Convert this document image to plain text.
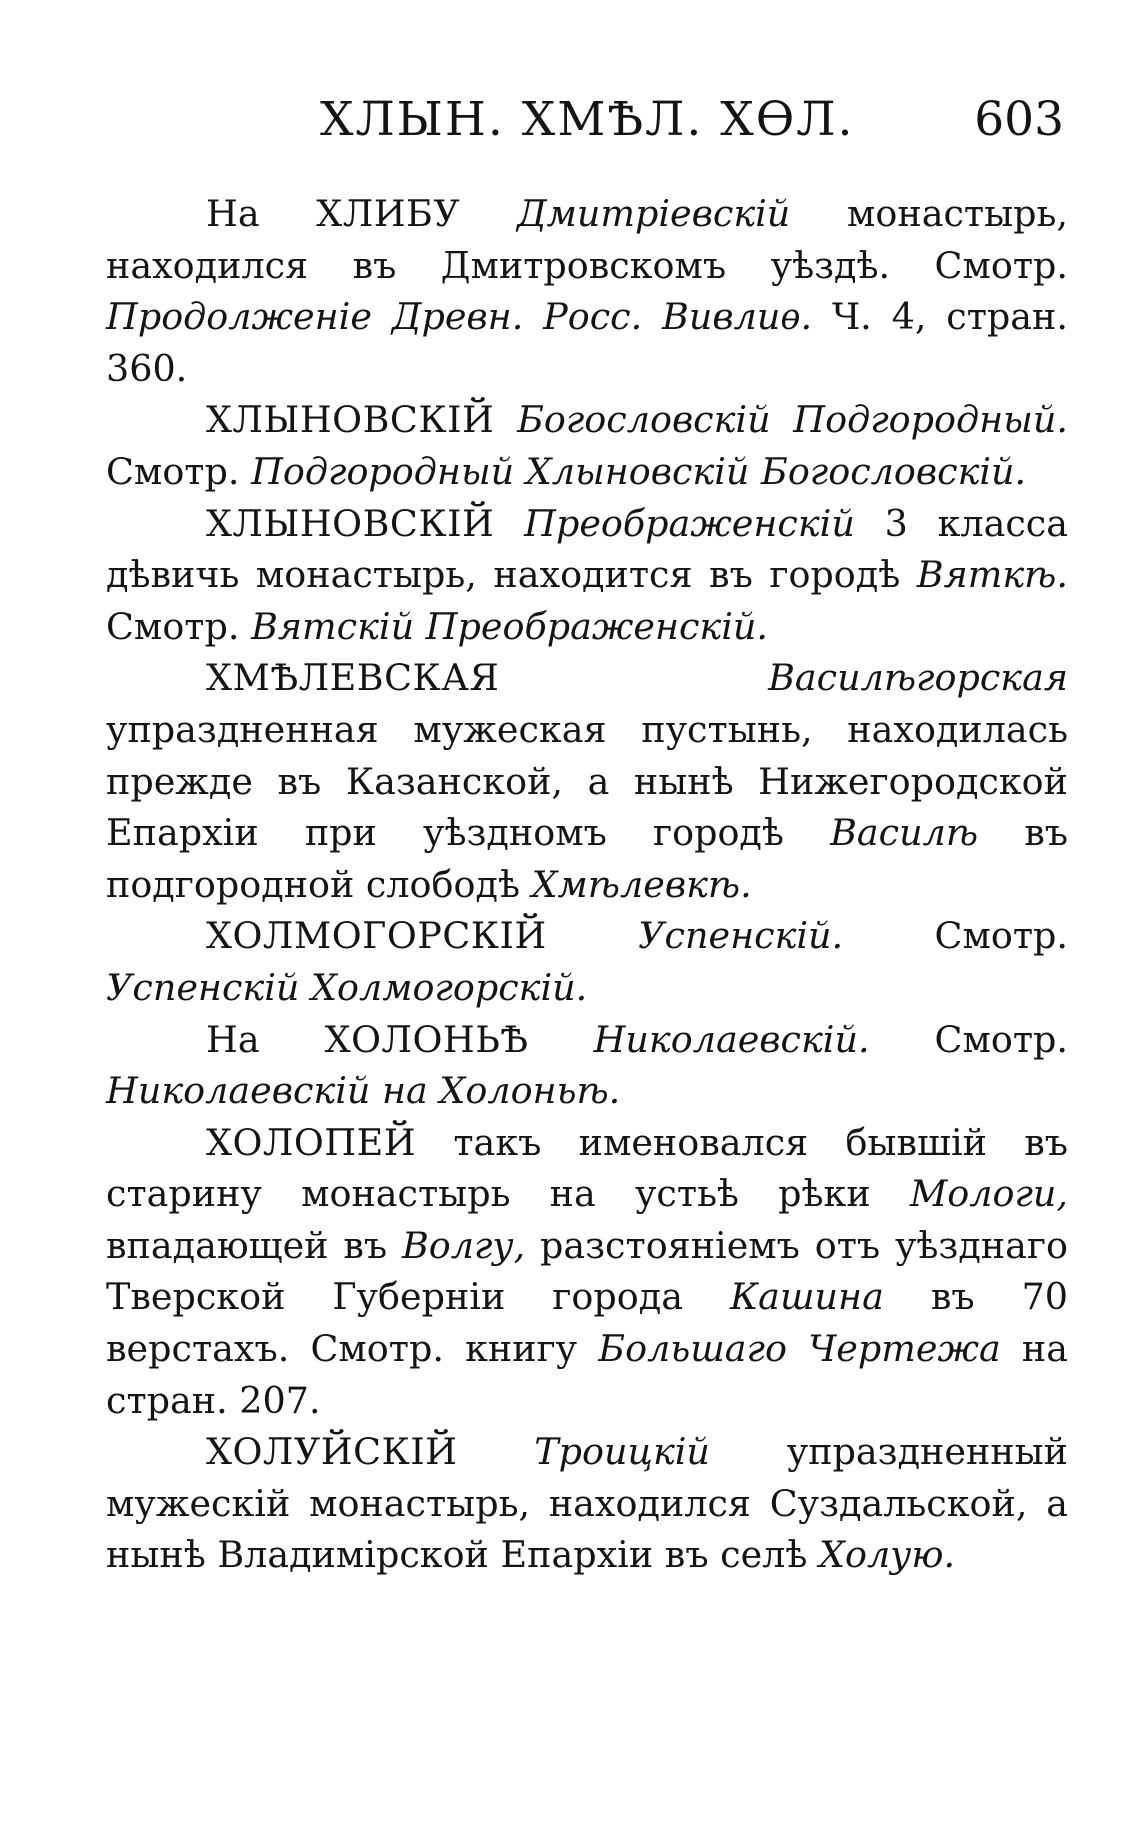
ХЛЫН. ХМѢЛ. ХѲЛ.	603

На ХЛИБУ Дмитріевскій монастырь, находился въ Дмитровскомъ уѣздѣ. Смотр. Продолженіе Древн. Росс. Вивлиѳ. Ч. 4, стран. 360.

ХЛЫНОВСКІЙ Богословскій Подгородный. Смотр. Подгородный Хлыновскій Богословскій.

ХЛЫНОВСКІЙ Преображенскій 3 класса дѣвичь монастырь, находится въ городѣ Вяткѣ. Смотр. Вятскій Преображенскій.

ХМѢЛЕВСКАЯ	Василѣгорская упраздненная мужеская пустынь, находилась прежде въ Казанской, а нынѣ Нижегородской Епархіи при уѣздномъ городѣ Василѣ въ подгородной слободѣ Хмѣлевкѣ.

ХОЛМОГОРСКІЙ	Успенскій. Смотр. Успенскій Холмогорскій.

На ХОЛОНЬѢ Николаевскій. Смотр. Николаевскій на Холоньѣ.

ХОЛОПЕЙ такъ именовался бывшій въ старину монастырь на устьѣ рѣки Мологи, впадающей въ Волгу, разстояніемъ отъ уѣзднаго Тверской Губерніи города Кашина въ 70 верстахъ. Смотр. книгу Большаго Чертежа на стран. 207.

ХОЛУЙСКІЙ Троицкій упраздненный мужескій монастырь, находился Суздальской, а нынѣ Владимірской Епархіи въ селѣ Холую.
